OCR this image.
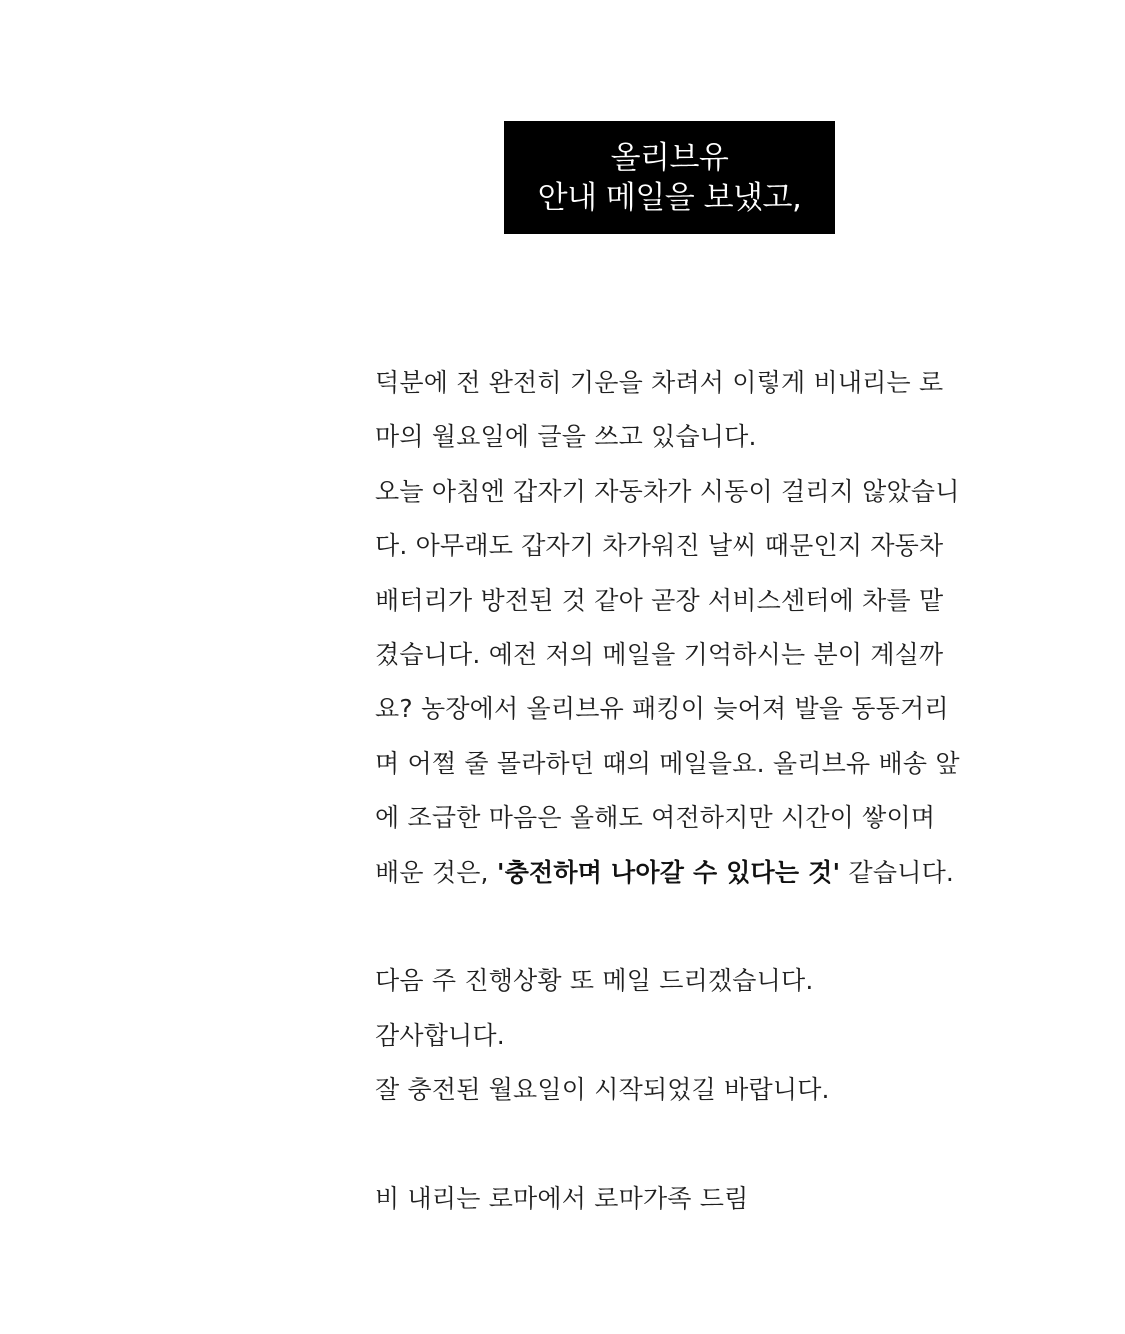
올리브유
안내 메일을 보냈고,
덕분에 전 완전히 기운을 차려서 이렇게 비내리는 로
마의 월요일에 글을 쓰고 있습니다.
오늘 아침엔 갑자기 자동차가 시동이 걸리지 않았습니
다. 아무래도 갑자기 차가워진 날씨 때문인지 자동차
배터리가 방전된 것 같아 곧장 서비스센터에 차를 맡
겼습니다. 예전 저의 메일을 기억하시는 분이 계실까
요? 농장에서 올리브유 패킹이 늦어져 발을 동동거리
며 어쩔 줄 몰라하던 때의 메일을요. 올리브유 배송 앞
에 조급한 마음은 올해도 여전하지만 시간이 쌓이며
배운 것은, '충전하며 나아갈 수 있다는 것' 같습니다.
다음 주 진행상황 또 메일 드리겠습니다.
감사합니다.
잘 충전된 월요일이 시작되었길 바랍니다.
비 내리는 로마에서 로마가족 드림
